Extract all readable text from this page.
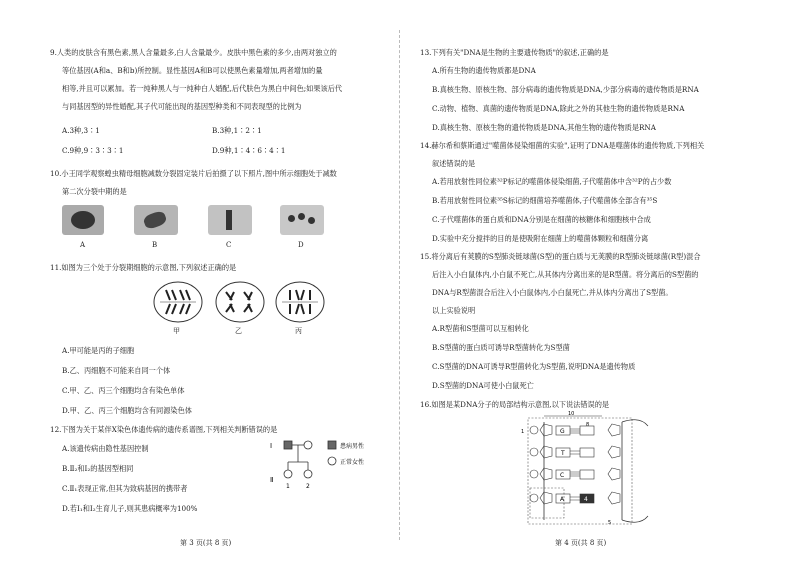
9.人类的皮肤含有黑色素,黑人含量最多,白人含量最少。皮肤中黑色素的多少,由两对独立的
等位基因(A和a、B和b)所控制。显性基因A和B可以使黑色素量增加,两者增加的量
相等,并且可以累加。若一纯种黑人与一纯种白人婚配,后代肤色为黑白中间色;如果该后代
与同基因型的异性婚配,其子代可能出现的基因型种类和不同表现型的比例为
A.3种,3∶1	B.3种,1∶2∶1
C.9种,9∶3∶3∶1	D.9种,1∶4∶6∶4∶1
10.小王同学观察蝗虫精母细胞减数分裂固定装片后拍摄了以下照片,图中所示细胞处于减数
第二次分裂中期的是
A	B	C	D
11.如图为三个处于分裂期细胞的示意图,下列叙述正确的是
甲	乙	丙
A.甲可能是丙的子细胞
B.乙、丙细胞不可能来自同一个体
C.甲、乙、丙三个细胞均含有染色单体
D.甲、乙、丙三个细胞均含有同源染色体
12.下图为关于某伴X染色体遗传病的遗传系谱图,下列相关判断错误的是
A.该遗传病由隐性基因控制
B.Ⅱ₂和Ⅰ₂的基因型相同
C.Ⅱ₁表现正常,但其为致病基因的携带者
D.若Ⅰ₁和Ⅰ₂生育儿子,则其患病概率为100%
Ⅰ
Ⅱ
1	2
患病男性
正常女性
第 3 页(共 8 页)
13.下列有关"DNA是生物的主要遗传物质"的叙述,正确的是
A.所有生物的遗传物质都是DNA
B.真核生物、原核生物、部分病毒的遗传物质是DNA,少部分病毒的遗传物质是RNA
C.动物、植物、真菌的遗传物质是DNA,除此之外的其他生物的遗传物质是RNA
D.真核生物、原核生物的遗传物质是DNA,其他生物的遗传物质是RNA
14.赫尔希和蔡斯通过"噬菌体侵染细菌的实验",证明了DNA是噬菌体的遗传物质,下列相关
叙述错误的是
A.若用放射性同位素³²P标记的噬菌体侵染细菌,子代噬菌体中含³²P的占少数
B.若用放射性同位素³⁵S标记的细菌培养噬菌体,子代噬菌体全部含有³⁵S
C.子代噬菌体的蛋白质和DNA分别是在细菌的核糖体和细胞核中合成
D.实验中充分搅拌的目的是使吸附在细菌上的噬菌体颗粒和细菌分离
15.将分离后有荚膜的S型肺炎链球菌(S型)的蛋白质与无荚膜的R型肺炎链球菌(R型)混合
后注入小白鼠体内,小白鼠不死亡,从其体内分离出来的是R型菌。将分离后的S型菌的
DNA与R型菌混合后注入小白鼠体内,小白鼠死亡,并从体内分离出了S型菌。
以上实验说明
A.R型菌和S型菌可以互相转化
B.S型菌的蛋白质可诱导R型菌转化为S型菌
C.S型菌的DNA可诱导R型菌转化为S型菌,说明DNA是遗传物质
D.S型菌的DNA可使小白鼠死亡
16.如图是某DNA分子的局部结构示意图,以下说法错误的是
10
8
5
G
1
T
C
A	4
第 4 页(共 8 页)
